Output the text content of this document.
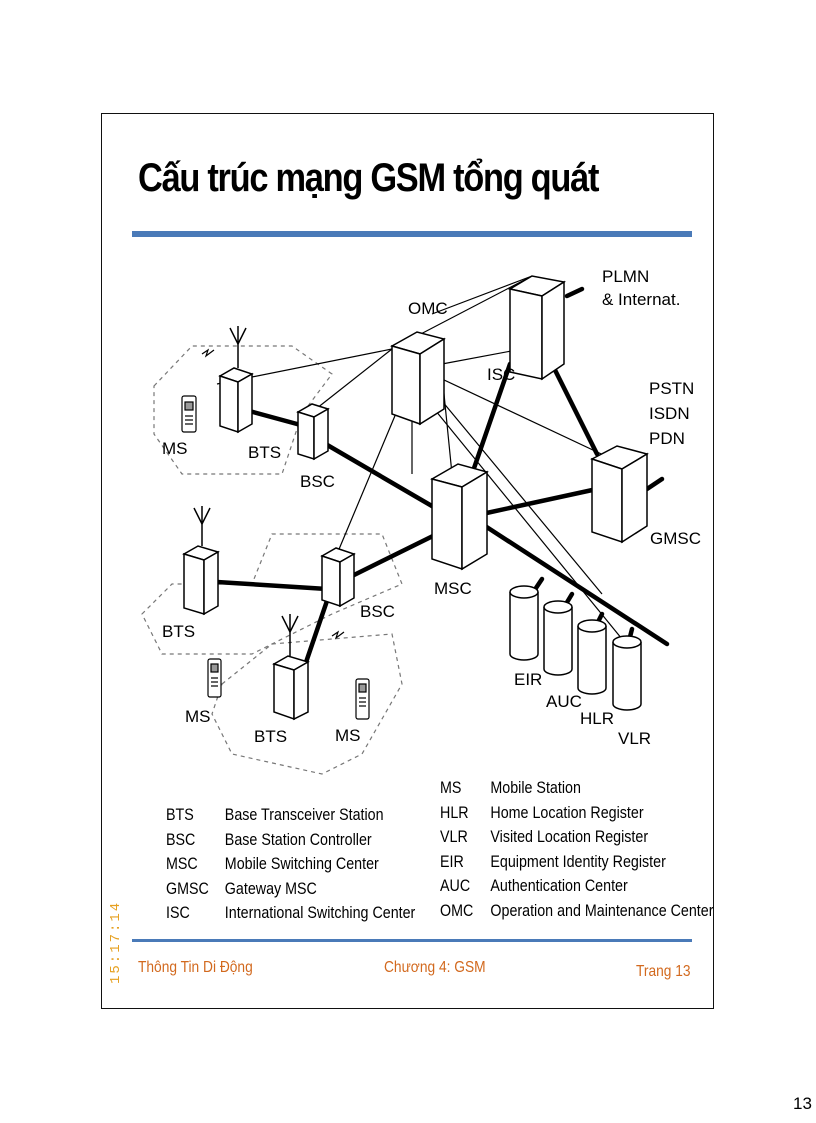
Cấu trúc mạng GSM tổng quát
OMC
PLMN
& Internat.
ISC
PSTN
ISDN
PDN
GMSC
MSC
BTS
BSC
MS
BTS
BSC
MS
BTS	MS
EIR
AUC
HLR
VLR
BTS Base Transceiver Station
BSC Base Station Controller
MSC Mobile Switching Center
GMSC Gateway MSC
ISC International Switching Center
MS Mobile Station
HLR Home Location Register
VLR Visited Location Register
EIR Equipment Identity Register
AUC Authentication Center
OMC Operation and Maintenance Center
Thông Tin Di Động	Chương 4: GSM	Trang 13
15:17:14
13
